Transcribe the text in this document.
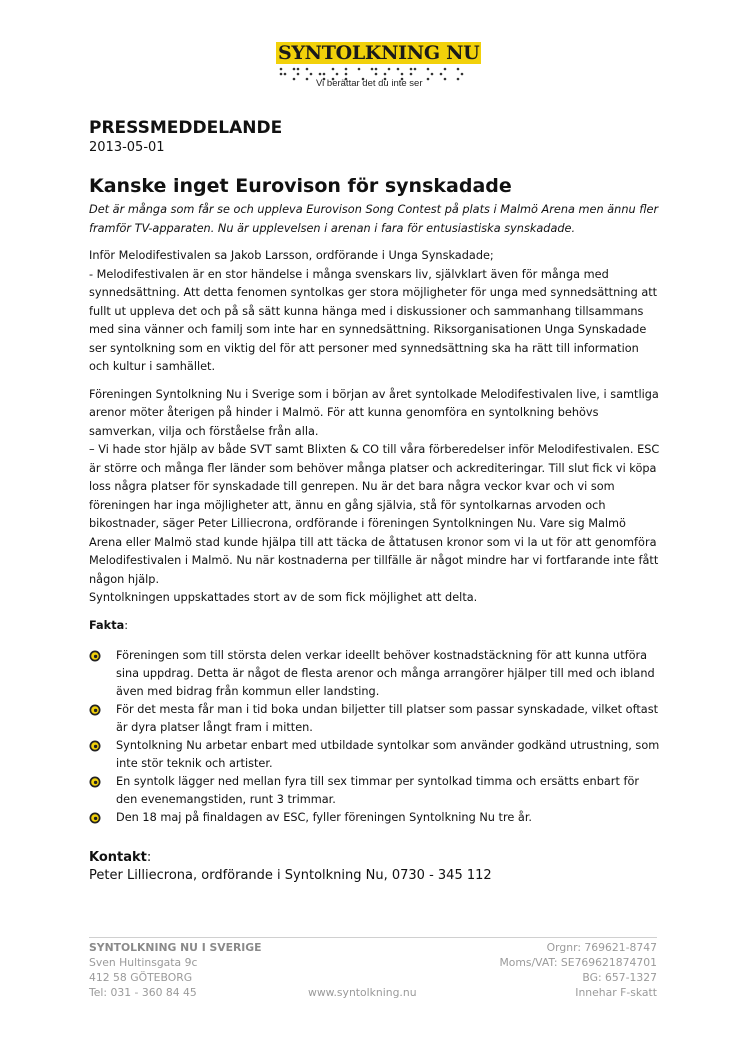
SYNTOLKNING NU
Vi berättar det du inte ser

PRESSMEDDELANDE

2013-05-01

Kanske inget Eurovison för synskadade

Det är många som får se och uppleva Eurovison Song Contest på plats i Malmö Arena men ännu fler framför TV-apparaten. Nu är upplevelsen i arenan i fara för entusiastiska synskadade.

Inför Melodifestivalen sa Jakob Larsson, ordförande i Unga Synskadade;
- Melodifestivalen är en stor händelse i många svenskars liv, självklart även för många med synnedsättning. Att detta fenomen syntolkas ger stora möjligheter för unga med synnedsättning att fullt ut uppleva det och på så sätt kunna hänga med i diskussioner och sammanhang tillsammans med sina vänner och familj som inte har en synnedsättning. Riksorganisationen Unga Synskadade ser syntolkning som en viktig del för att personer med synnedsättning ska ha rätt till information och kultur i samhället.

Föreningen Syntolkning Nu i Sverige som i början av året syntolkade Melodifestivalen live, i samtliga arenor möter återigen på hinder i Malmö. För att kunna genomföra en syntolkning behövs samverkan, vilja och förståelse från alla.
– Vi hade stor hjälp av både SVT samt Blixten & CO till våra förberedelser inför Melodifestivalen. ESC är större och många fler länder som behöver många platser och ackrediteringar. Till slut fick vi köpa loss några platser för synskadade till genrepen. Nu är det bara några veckor kvar och vi som föreningen har inga möjligheter att, ännu en gång självia, stå för syntolkarnas arvoden och bikostnader, säger Peter Lilliecrona, ordförande i föreningen Syntolkningen Nu. Vare sig Malmö Arena eller Malmö stad kunde hjälpa till att täcka de åttatusen kronor som vi la ut för att genomföra Melodifestivalen i Malmö. Nu när kostnaderna per tillfälle är något mindre har vi fortfarande inte fått någon hjälp.
Syntolkningen uppskattades stort av de som fick möjlighet att delta.

Fakta:

Föreningen som till största delen verkar ideellt behöver kostnadstäckning för att kunna utföra sina uppdrag. Detta är något de flesta arenor och många arrangörer hjälper till med och ibland även med bidrag från kommun eller landsting.
För det mesta får man i tid boka undan biljetter till platser som passar synskadade, vilket oftast är dyra platser långt fram i mitten.
Syntolkning Nu arbetar enbart med utbildade syntolkar som använder godkänd utrustning, som inte stör teknik och artister.
En syntolk lägger ned mellan fyra till sex timmar per syntolkad timma och ersätts enbart för den evenemangstiden, runt 3 trimmar.
Den 18 maj på finaldagen av ESC, fyller föreningen Syntolkning Nu tre år.
Kontakt:
Peter Lilliecrona, ordförande i Syntolkning Nu, 0730 - 345 112
SYNTOLKNING NU I SVERIGE	Orgnr: 769621-8747
Sven Hultinsgata 9c	Moms/VAT: SE769621874701
412 58 GÖTEBORG	BG: 657-1327
Tel: 031 - 360 84 45	www.syntolkning.nu	Innehar F-skatt
